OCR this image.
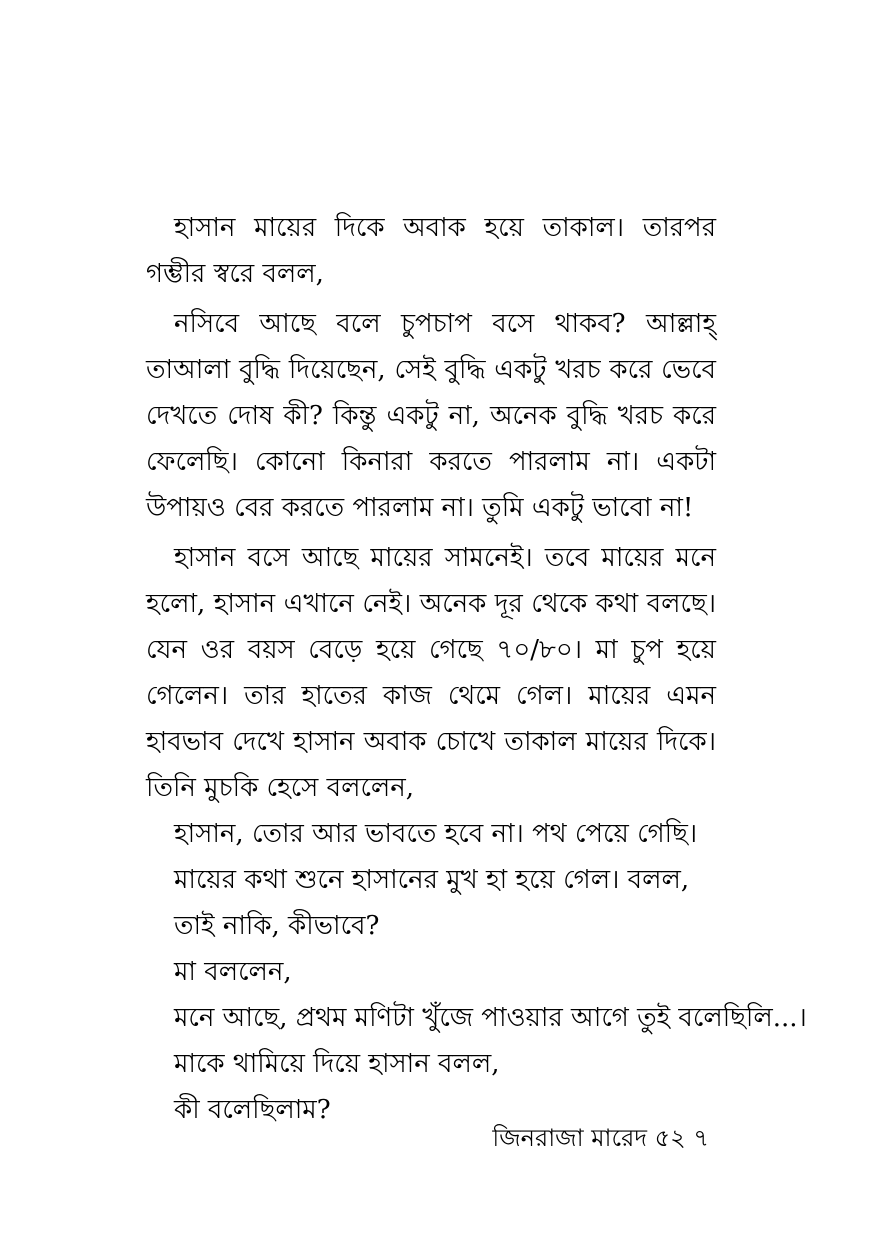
হাসান মায়ের দিকে অবাক হয়ে তাকাল। তারপর গম্ভীর স্বরে বলল,

নসিবে আছে বলে চুপচাপ বসে থাকব? আল্লাহ্‌ তাআলা বুদ্ধি দিয়েছেন, সেই বুদ্ধি একটু খরচ করে ভেবে দেখতে দোষ কী? কিন্তু একটু না, অনেক বুদ্ধি খরচ করে ফেলেছি। কোনো কিনারা করতে পারলাম না। একটা উপায়ও বের করতে পারলাম না। তুমি একটু ভাবো না!

হাসান বসে আছে মায়ের সামনেই। তবে মায়ের মনে হলো, হাসান এখানে নেই। অনেক দূর থেকে কথা বলছে। যেন ওর বয়স বেড়ে হয়ে গেছে ৭০/৮০। মা চুপ হয়ে গেলেন। তার হাতের কাজ থেমে গেল। মায়ের এমন হাবভাব দেখে হাসান অবাক চোখে তাকাল মায়ের দিকে। তিনি মুচকি হেসে বললেন,

হাসান, তোর আর ভাবতে হবে না। পথ পেয়ে গেছি।

মায়ের কথা শুনে হাসানের মুখ হা হয়ে গেল। বলল,

তাই নাকি, কীভাবে?

মা বললেন,

মনে আছে, প্রথম মণিটা খুঁজে পাওয়ার আগে তুই বলেছিলি...।

মাকে থামিয়ে দিয়ে হাসান বলল,

কী বলেছিলাম?

জিনরাজা মারেদ ৫২ ৭
